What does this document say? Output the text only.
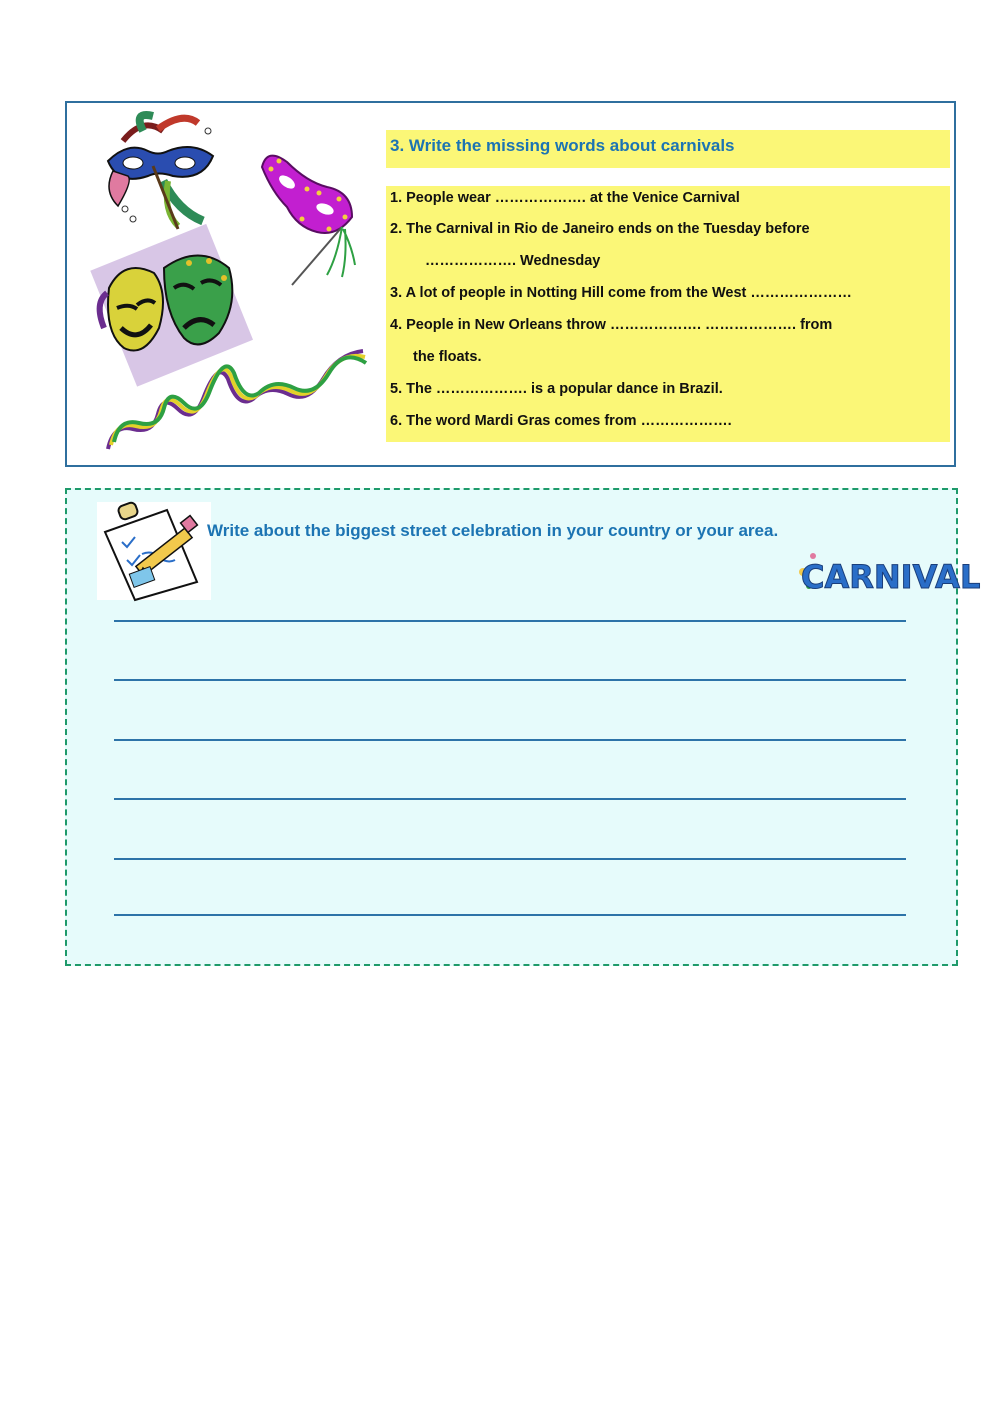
3. Write the missing words about carnivals
1. People wear ………………. at the Venice Carnival
2. The Carnival in Rio de Janeiro ends on the Tuesday before
………………. Wednesday
3. A lot of people in Notting Hill come from the West …………………
4. People in New Orleans throw ………………. ………………. from
the floats.
5. The ………………. is a popular dance in Brazil.
6. The word Mardi Gras comes from ……………….

Write about the biggest street celebration in your country or your area.

CARNIVAL
